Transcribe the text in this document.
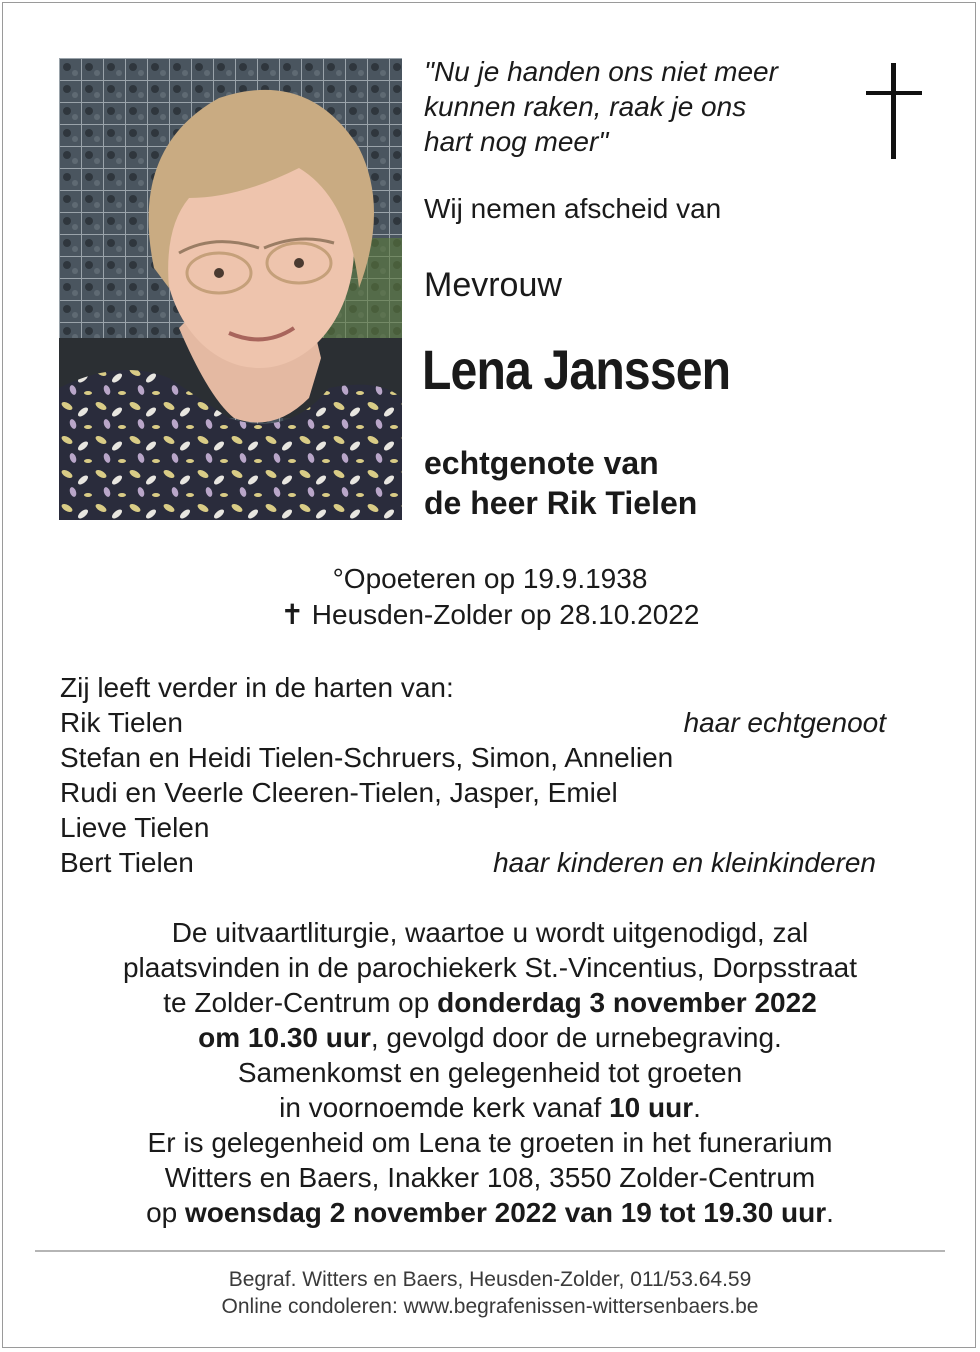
"Nu je handen ons niet meer
kunnen raken, raak je ons
hart nog meer"
Wij nemen afscheid van
Mevrouw
Lena Janssen
echtgenote van
de heer Rik Tielen
°Opoeteren op 19.9.1938
✝ Heusden-Zolder op 28.10.2022
Zij leeft verder in de harten van:
Rik Tielen	haar echtgenoot
Stefan en Heidi Tielen-Schruers, Simon, Annelien
Rudi en Veerle Cleeren-Tielen, Jasper, Emiel
Lieve Tielen
Bert Tielen	haar kinderen en kleinkinderen
De uitvaartliturgie, waartoe u wordt uitgenodigd, zal
plaatsvinden in de parochiekerk St.-Vincentius, Dorpsstraat
te Zolder-Centrum op donderdag 3 november 2022
om 10.30 uur, gevolgd door de urnebegraving.
Samenkomst en gelegenheid tot groeten
in voornoemde kerk vanaf 10 uur.
Er is gelegenheid om Lena te groeten in het funerarium
Witters en Baers, Inakker 108, 3550 Zolder-Centrum
op woensdag 2 november 2022 van 19 tot 19.30 uur.
Begraf. Witters en Baers, Heusden-Zolder, 011/53.64.59
Online condoleren: www.begrafenissen-wittersenbaers.be
